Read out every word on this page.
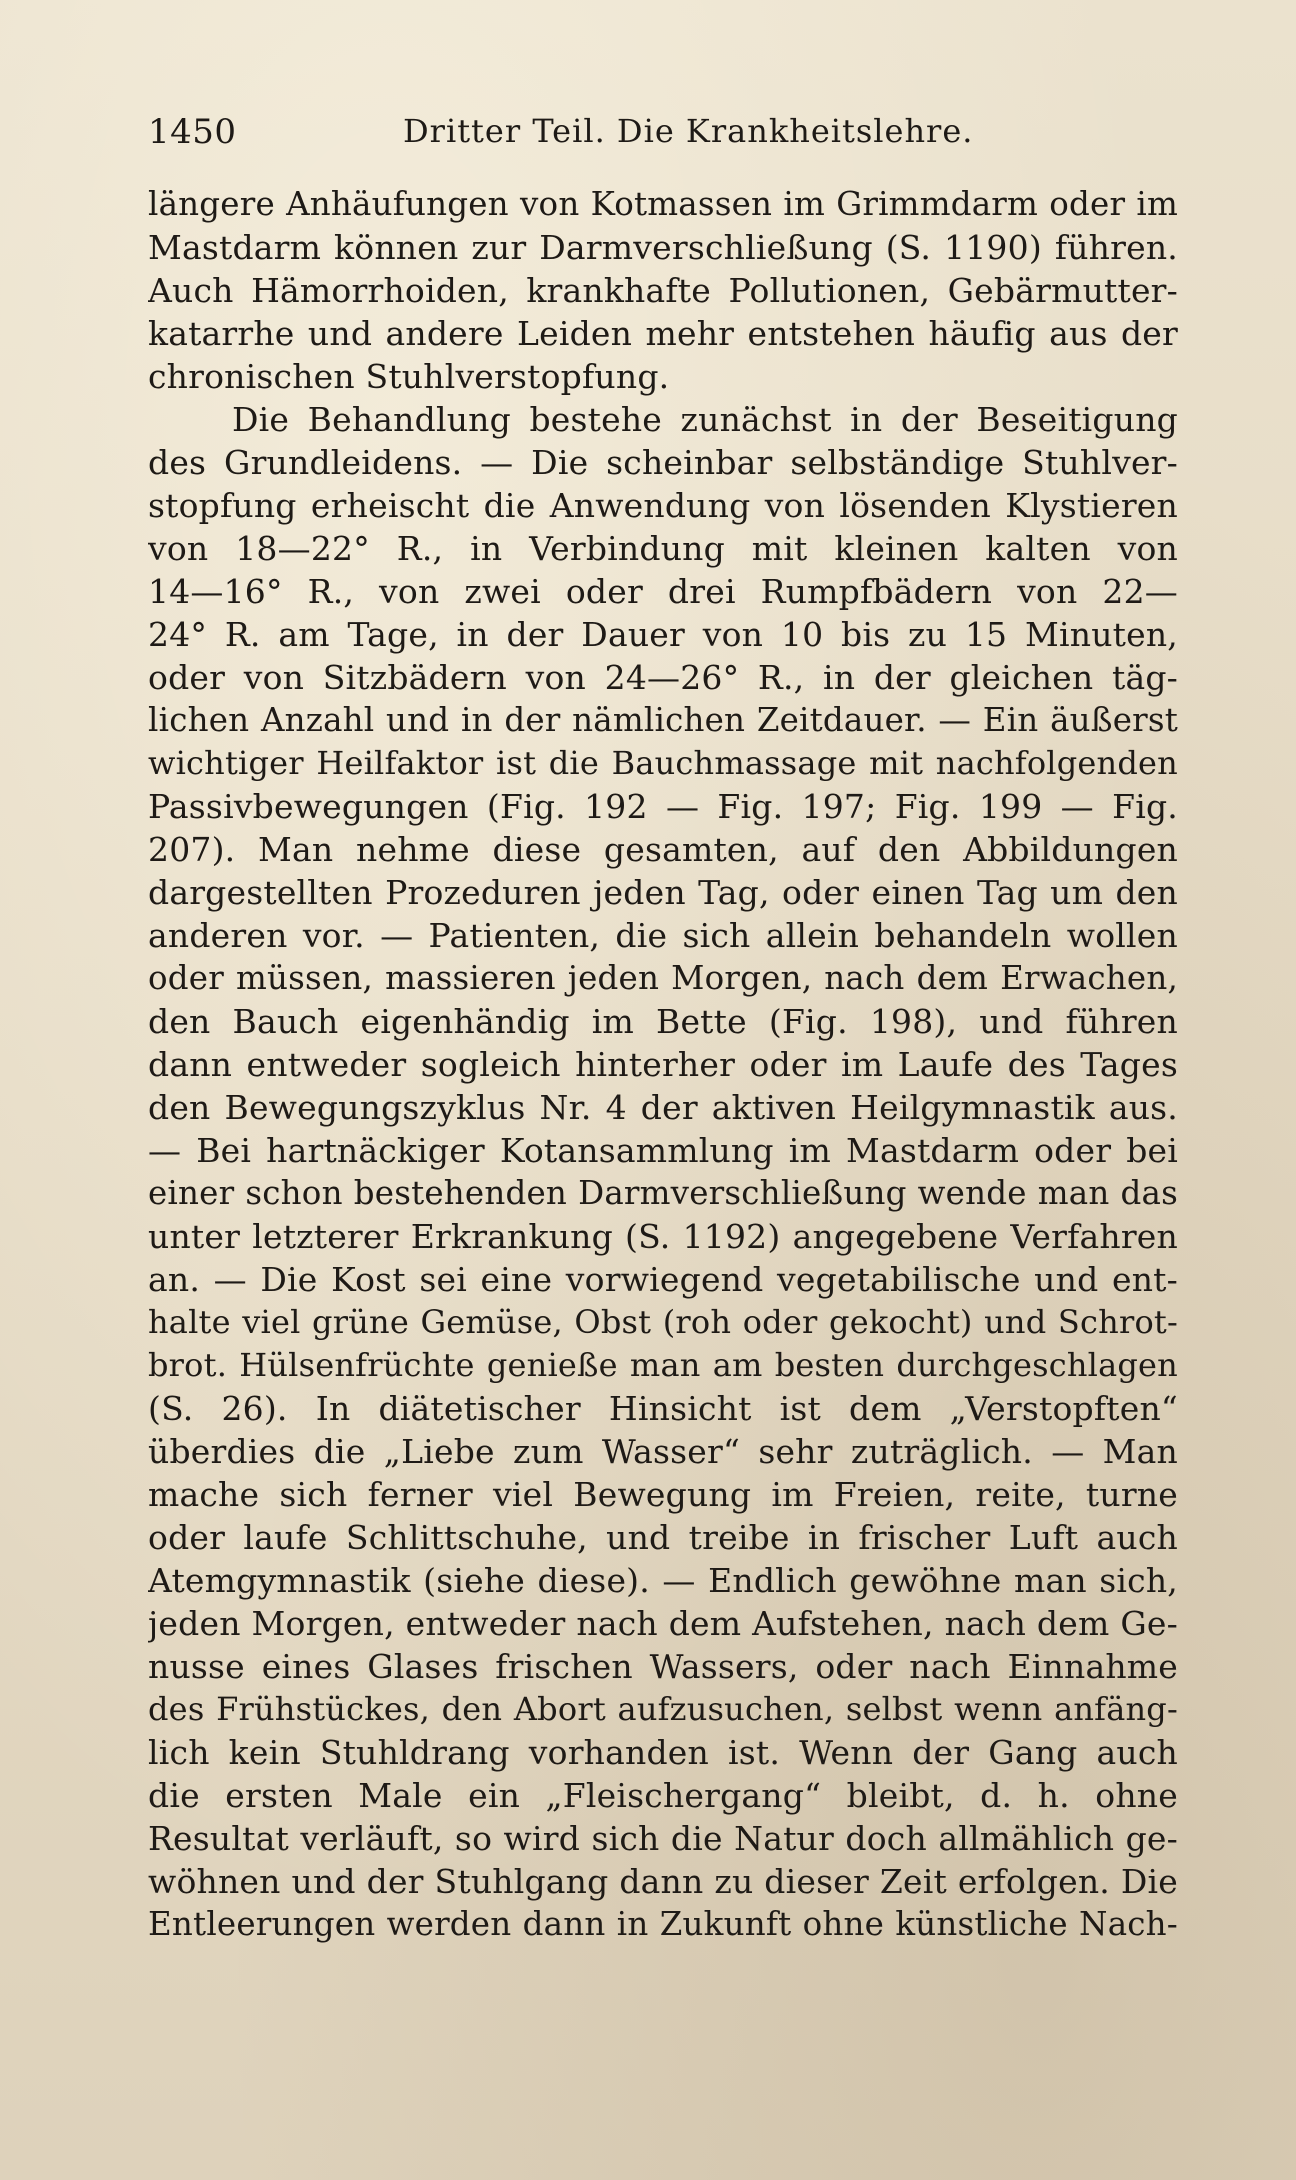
1450	Dritter Teil. Die Krankheitslehre.
längere Anhäufungen von Kotmassen im Grimmdarm oder im
Mastdarm können zur Darmverschließung (S. 1190) führen.
Auch Hämorrhoiden, krankhafte Pollutionen, Gebärmutter-
katarrhe und andere Leiden mehr entstehen häufig aus der
chronischen Stuhlverstopfung.
Die Behandlung bestehe zunächst in der Beseitigung
des Grundleidens. — Die scheinbar selbständige Stuhlver-
stopfung erheischt die Anwendung von lösenden Klystieren
von 18—22° R., in Verbindung mit kleinen kalten von
14—16° R., von zwei oder drei Rumpfbädern von 22—
24° R. am Tage, in der Dauer von 10 bis zu 15 Minuten,
oder von Sitzbädern von 24—26° R., in der gleichen täg-
lichen Anzahl und in der nämlichen Zeitdauer. — Ein äußerst
wichtiger Heilfaktor ist die Bauchmassage mit nachfolgenden
Passivbewegungen (Fig. 192 — Fig. 197; Fig. 199 — Fig.
207). Man nehme diese gesamten, auf den Abbildungen
dargestellten Prozeduren jeden Tag, oder einen Tag um den
anderen vor. — Patienten, die sich allein behandeln wollen
oder müssen, massieren jeden Morgen, nach dem Erwachen,
den Bauch eigenhändig im Bette (Fig. 198), und führen
dann entweder sogleich hinterher oder im Laufe des Tages
den Bewegungszyklus Nr. 4 der aktiven Heilgymnastik aus.
— Bei hartnäckiger Kotansammlung im Mastdarm oder bei
einer schon bestehenden Darmverschließung wende man das
unter letzterer Erkrankung (S. 1192) angegebene Verfahren
an. — Die Kost sei eine vorwiegend vegetabilische und ent-
halte viel grüne Gemüse, Obst (roh oder gekocht) und Schrot-
brot. Hülsenfrüchte genieße man am besten durchgeschlagen
(S. 26). In diätetischer Hinsicht ist dem „Verstopften“
überdies die „Liebe zum Wasser“ sehr zuträglich. — Man
mache sich ferner viel Bewegung im Freien, reite, turne
oder laufe Schlittschuhe, und treibe in frischer Luft auch
Atemgymnastik (siehe diese). — Endlich gewöhne man sich,
jeden Morgen, entweder nach dem Aufstehen, nach dem Ge-
nusse eines Glases frischen Wassers, oder nach Einnahme
des Frühstückes, den Abort aufzusuchen, selbst wenn anfäng-
lich kein Stuhldrang vorhanden ist. Wenn der Gang auch
die ersten Male ein „Fleischergang“ bleibt, d. h. ohne
Resultat verläuft, so wird sich die Natur doch allmählich ge-
wöhnen und der Stuhlgang dann zu dieser Zeit erfolgen. Die
Entleerungen werden dann in Zukunft ohne künstliche Nach-
